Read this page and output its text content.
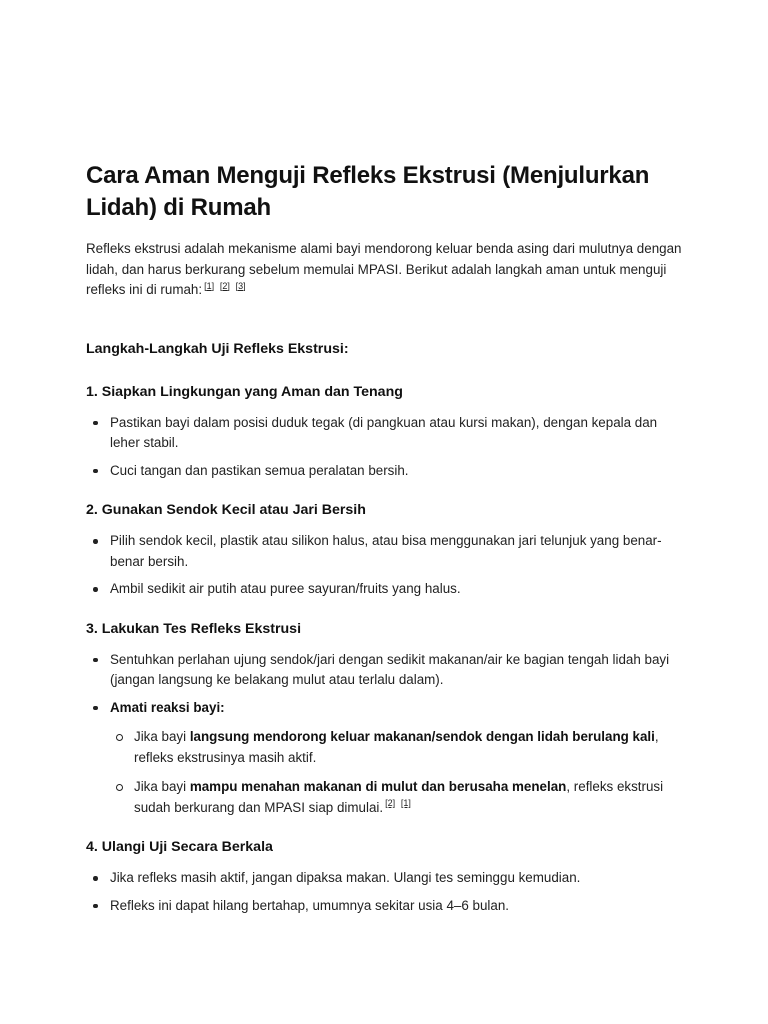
Cara Aman Menguji Refleks Ekstrusi (Menjulurkan Lidah) di Rumah

Refleks ekstrusi adalah mekanisme alami bayi mendorong keluar benda asing dari mulutnya dengan lidah, dan harus berkurang sebelum memulai MPASI. Berikut adalah langkah aman untuk menguji refleks ini di rumah: [1] [2] [3]

Langkah-Langkah Uji Refleks Ekstrusi:
1. Siapkan Lingkungan yang Aman dan Tenang
Pastikan bayi dalam posisi duduk tegak (di pangkuan atau kursi makan), dengan kepala dan leher stabil.
Cuci tangan dan pastikan semua peralatan bersih.
2. Gunakan Sendok Kecil atau Jari Bersih
Pilih sendok kecil, plastik atau silikon halus, atau bisa menggunakan jari telunjuk yang benar-benar bersih.
Ambil sedikit air putih atau puree sayuran/fruits yang halus.
3. Lakukan Tes Refleks Ekstrusi
Sentuhkan perlahan ujung sendok/jari dengan sedikit makanan/air ke bagian tengah lidah bayi (jangan langsung ke belakang mulut atau terlalu dalam).
Amati reaksi bayi:
Jika bayi langsung mendorong keluar makanan/sendok dengan lidah berulang kali, refleks ekstrusinya masih aktif.
Jika bayi mampu menahan makanan di mulut dan berusaha menelan, refleks ekstrusi sudah berkurang dan MPASI siap dimulai. [2] [1]
4. Ulangi Uji Secara Berkala
Jika refleks masih aktif, jangan dipaksa makan. Ulangi tes seminggu kemudian.
Refleks ini dapat hilang bertahap, umumnya sekitar usia 4–6 bulan.
